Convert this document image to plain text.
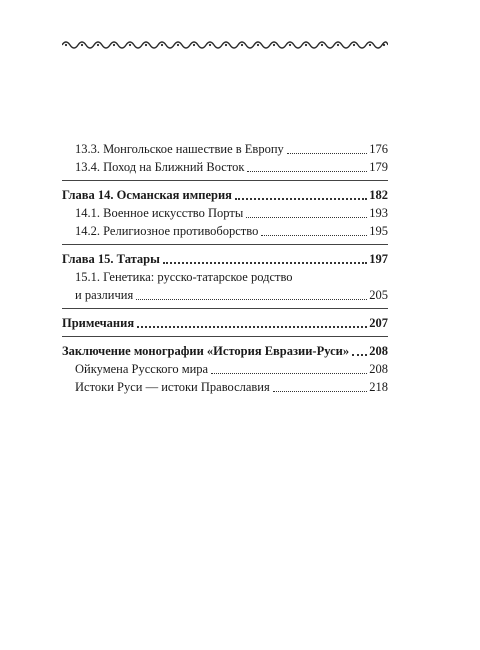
13.3. Монгольское нашествие в Европу	176
13.4. Поход на Ближний Восток	179
Глава 14. Османская империя	182
14.1. Военное искусство Порты	193
14.2. Религиозное противоборство	195
Глава 15. Татары	197
15.1. Генетика: русско-татарское родство
и различия	205
Примечания	207
Заключение монографии «История Евразии-Руси» 208
Ойкумена Русского мира	208
Истоки Руси — истоки Православия	218
